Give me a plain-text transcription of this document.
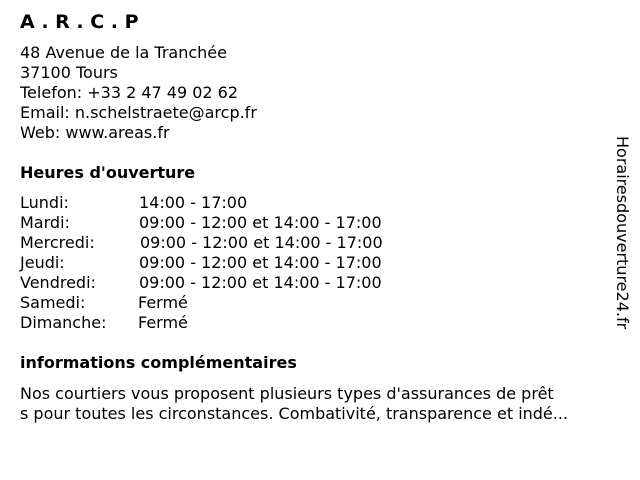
A . R . C . P
48 Avenue de la Tranchée
37100 Tours
Telefon: +33 2 47 49 02 62
Email: n.schelstraete@arcp.fr
Web: www.areas.fr
Heures d'ouverture
Lundi:	14:00 - 17:00
Mardi:	09:00 - 12:00 et 14:00 - 17:00
Mercredi:	09:00 - 12:00 et 14:00 - 17:00
Jeudi:	09:00 - 12:00 et 14:00 - 17:00
Vendredi:	09:00 - 12:00 et 14:00 - 17:00
Samedi:	Fermé
Dimanche: Fermé
informations complémentaires
Nos courtiers vous proposent plusieurs types d'assurances de prêt
s pour toutes les circonstances. Combativité, transparence et indé...
Horairesdouverture24.fr
